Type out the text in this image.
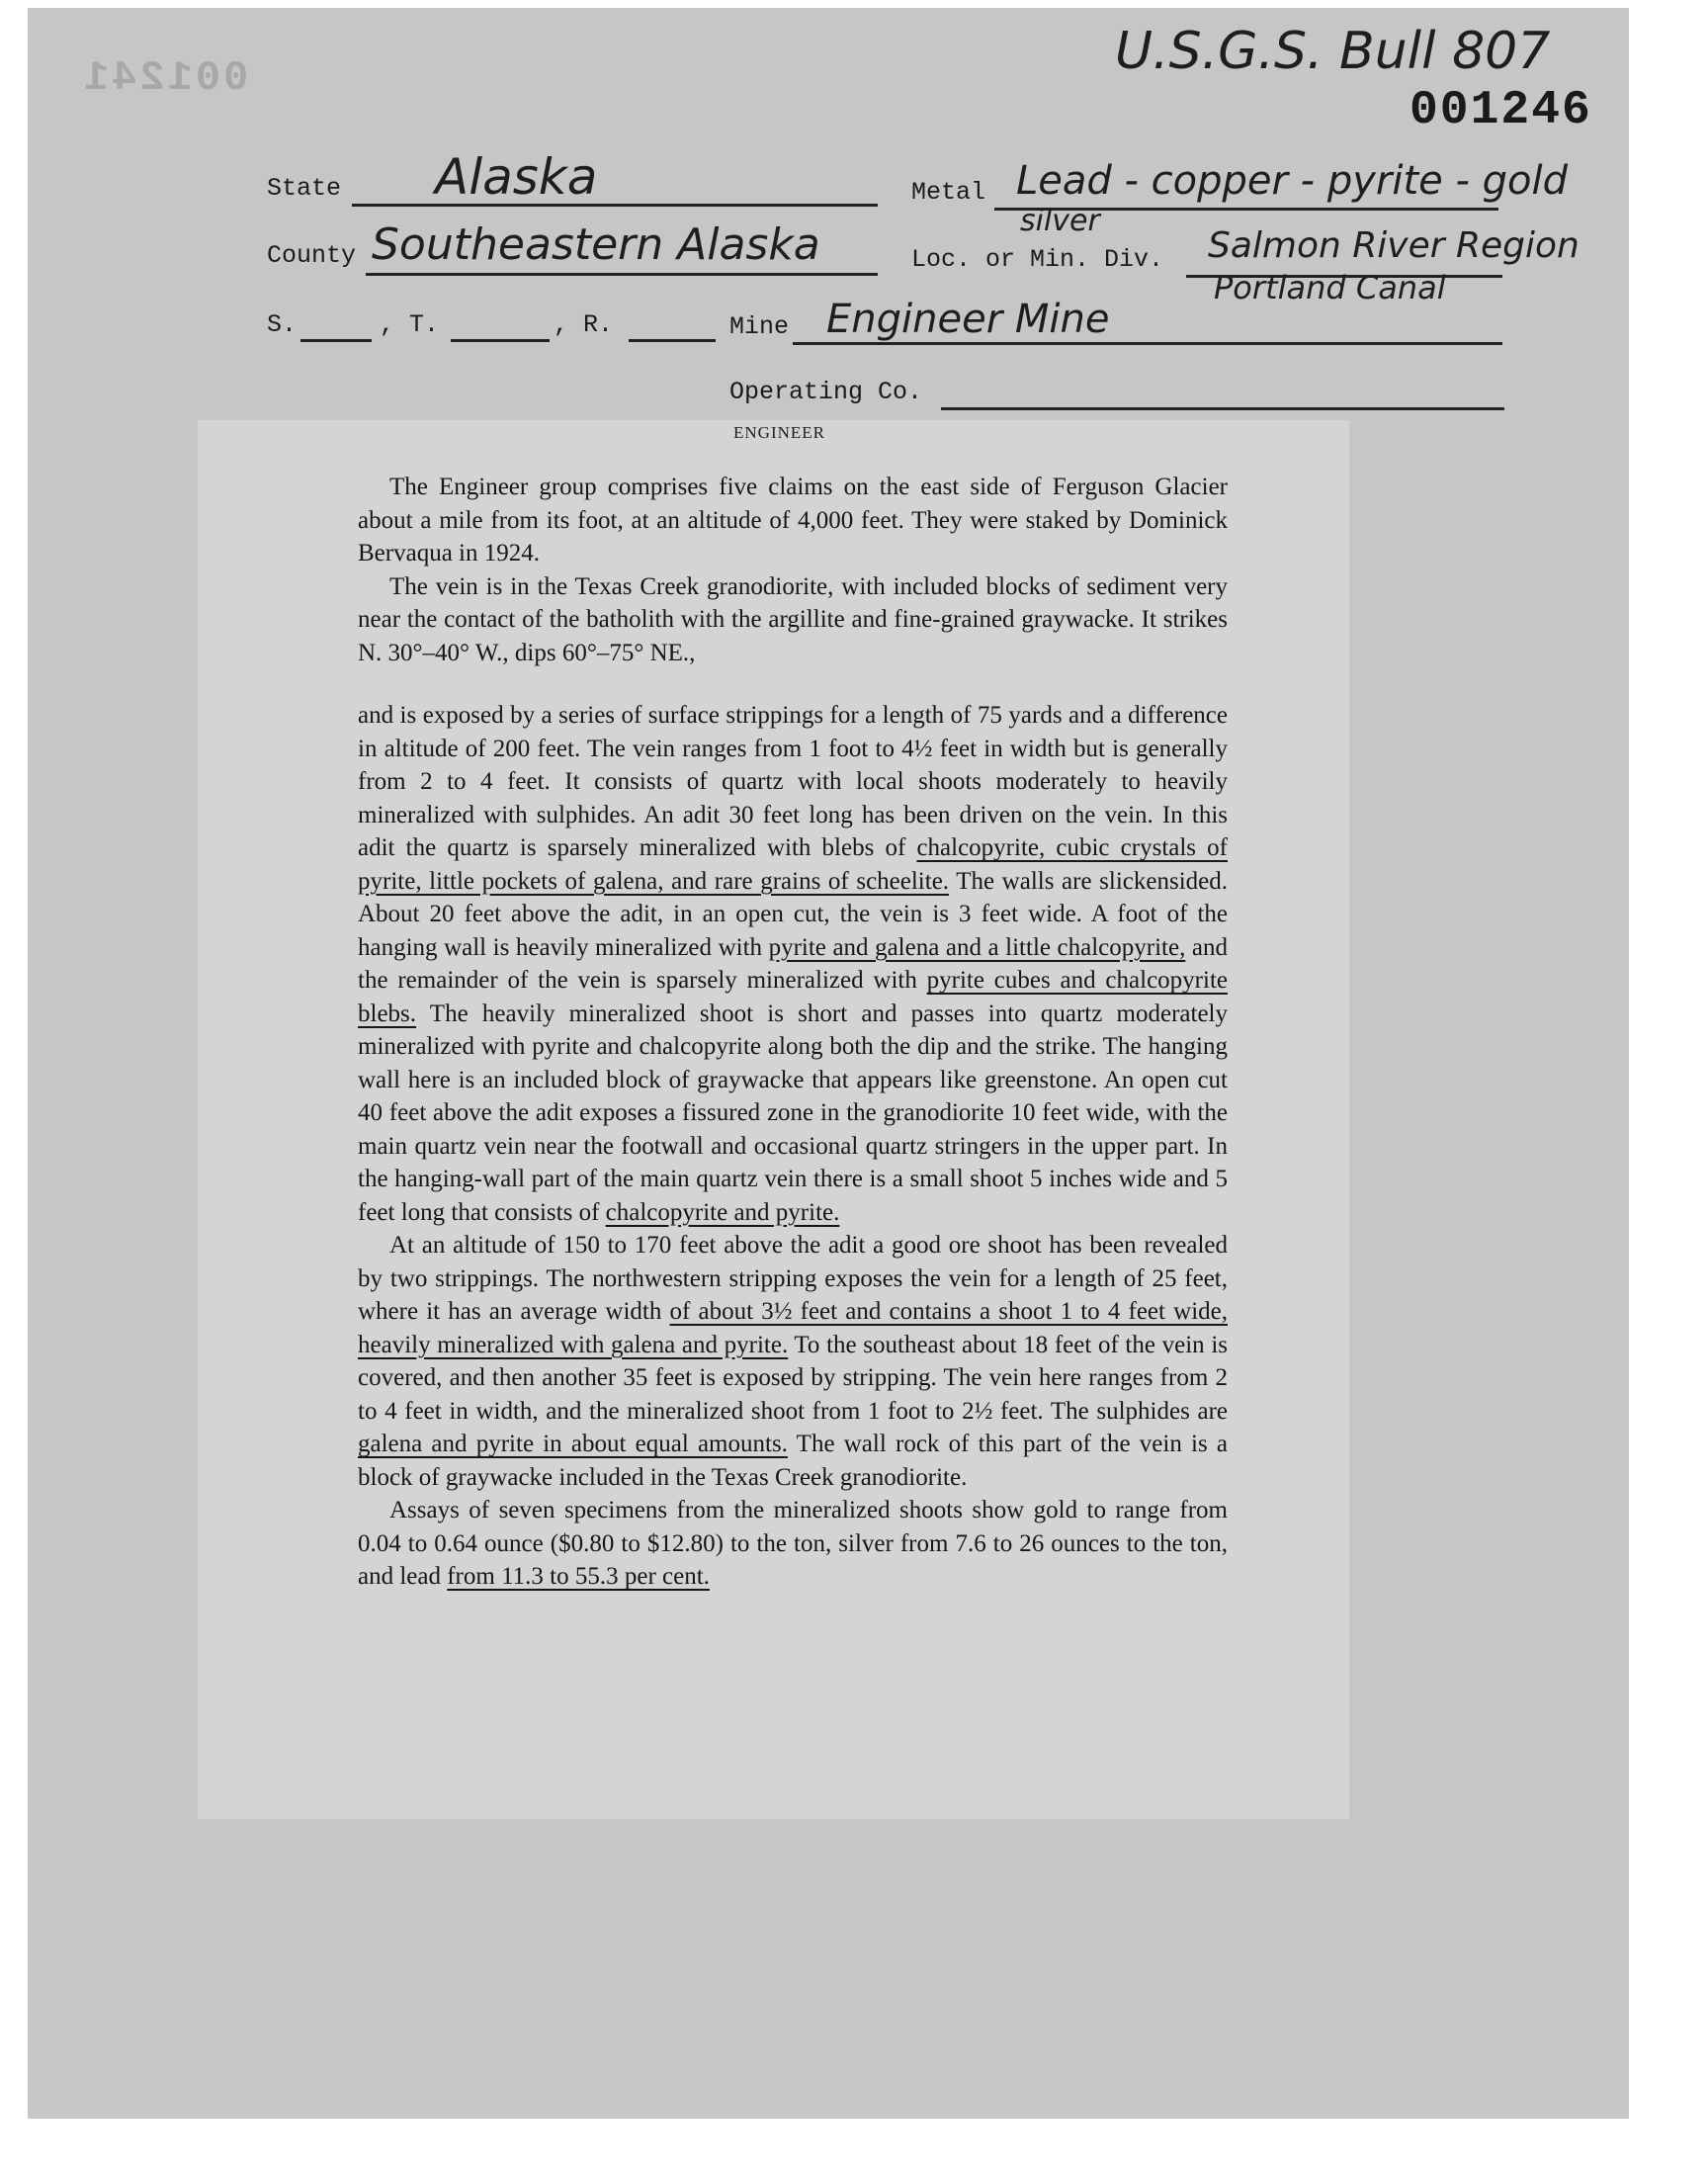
001241	U.S.G.S. Bull 807
001246
State Alaska	Metal Lead - copper - pyrite - gold
silver
County Southeastern Alaska	Loc. or Min. Div. Salmon River Region
Portland Canal
S.	, T.	, R.	Mine Engineer Mine
Operating Co.
ENGINEER

The Engineer group comprises five claims on the east side of Ferguson Glacier about a mile from its foot, at an altitude of 4,000 feet. They were staked by Dominick Bervaqua in 1924.

The vein is in the Texas Creek granodiorite, with included blocks of sediment very near the contact of the batholith with the argillite and fine-grained graywacke. It strikes N. 30°–40° W., dips 60°–75° NE.,

and is exposed by a series of surface strippings for a length of 75 yards and a difference in altitude of 200 feet. The vein ranges from 1 foot to 4½ feet in width but is generally from 2 to 4 feet. It consists of quartz with local shoots moderately to heavily mineralized with sulphides. An adit 30 feet long has been driven on the vein. In this adit the quartz is sparsely mineralized with blebs of chalcopyrite, cubic crystals of pyrite, little pockets of galena, and rare grains of scheelite. The walls are slickensided. About 20 feet above the adit, in an open cut, the vein is 3 feet wide. A foot of the hanging wall is heavily mineralized with pyrite and galena and a little chalcopyrite, and the remainder of the vein is sparsely mineralized with pyrite cubes and chalcopyrite blebs. The heavily mineralized shoot is short and passes into quartz moderately mineralized with pyrite and chalcopyrite along both the dip and the strike. The hanging wall here is an included block of graywacke that appears like greenstone. An open cut 40 feet above the adit exposes a fissured zone in the granodiorite 10 feet wide, with the main quartz vein near the footwall and occasional quartz stringers in the upper part. In the hanging-wall part of the main quartz vein there is a small shoot 5 inches wide and 5 feet long that consists of chalcopyrite and pyrite.

At an altitude of 150 to 170 feet above the adit a good ore shoot has been revealed by two strippings. The northwestern stripping exposes the vein for a length of 25 feet, where it has an average width of about 3½ feet and contains a shoot 1 to 4 feet wide, heavily mineralized with galena and pyrite. To the southeast about 18 feet of the vein is covered, and then another 35 feet is exposed by stripping. The vein here ranges from 2 to 4 feet in width, and the mineralized shoot from 1 foot to 2½ feet. The sulphides are galena and pyrite in about equal amounts. The wall rock of this part of the vein is a block of graywacke included in the Texas Creek granodiorite.

Assays of seven specimens from the mineralized shoots show gold to range from 0.04 to 0.64 ounce ($0.80 to $12.80) to the ton, silver from 7.6 to 26 ounces to the ton, and lead from 11.3 to 55.3 per cent.
